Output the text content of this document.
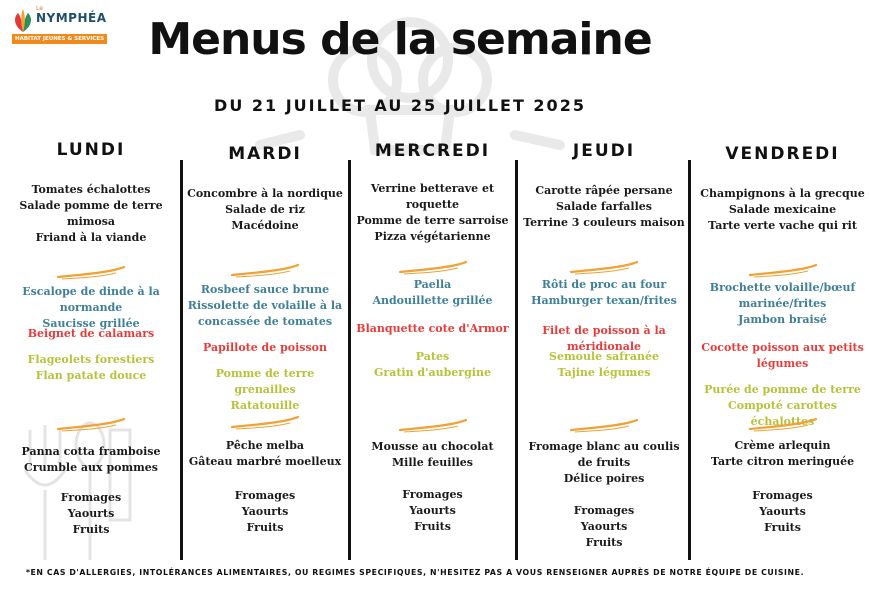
Le
NYMPHÉA
HABITAT JEUNES & SERVICES	Menus de la semaine
DU 21 JUILLET AU 25 JUILLET 2025
LUNDI
Tomates échalottes
Salade pomme de terre mimosa
Friand à la viande
Escalope de dinde à la normande
Saucisse grillée
Beignet de calamars
Flageolets forestiers
Flan patate douce
Panna cotta framboise
Crumble aux pommes
Fromages
Yaourts
Fruits
MARDI
Concombre à la nordique
Salade de riz
Macédoine
Rosbeef sauce brune
Rissolette de volaille à la concassée de tomates
Papillote de poisson
Pomme de terre grenailles
Ratatouille
Pêche melba
Gâteau marbré moelleux
Fromages
Yaourts
Fruits
MERCREDI
Verrine betterave et roquette
Pomme de terre sarroise
Pizza végétarienne
Paella
Andouillette grillée
Blanquette cote d'Armor
Pates
Gratin d'aubergine
Mousse au chocolat
Mille feuilles
Fromages
Yaourts
Fruits
JEUDI
Carotte râpée persane
Salade farfalles
Terrine 3 couleurs maison
Rôti de proc au four
Hamburger texan/frites
Filet de poisson à la méridionale
Semoule safranée
Tajine légumes
Fromage blanc au coulis de fruits
Délice poires
Fromages
Yaourts
Fruits
VENDREDI
Champignons à la grecque
Salade mexicaine
Tarte verte vache qui rit
Brochette volaille/bœuf marinée/frites
Jambon braisé
Cocotte poisson aux petits légumes
Purée de pomme de terre
Compoté carottes échalottes
Crème arlequin
Tarte citron meringuée
Fromages
Yaourts
Fruits
*EN CAS D'ALLERGIES, INTOLÉRANCES ALIMENTAIRES, OU REGIMES SPECIFIQUES, N'HESITEZ PAS A VOUS RENSEIGNER AUPRÈS DE NOTRE ÉQUIPE DE CUISINE.
